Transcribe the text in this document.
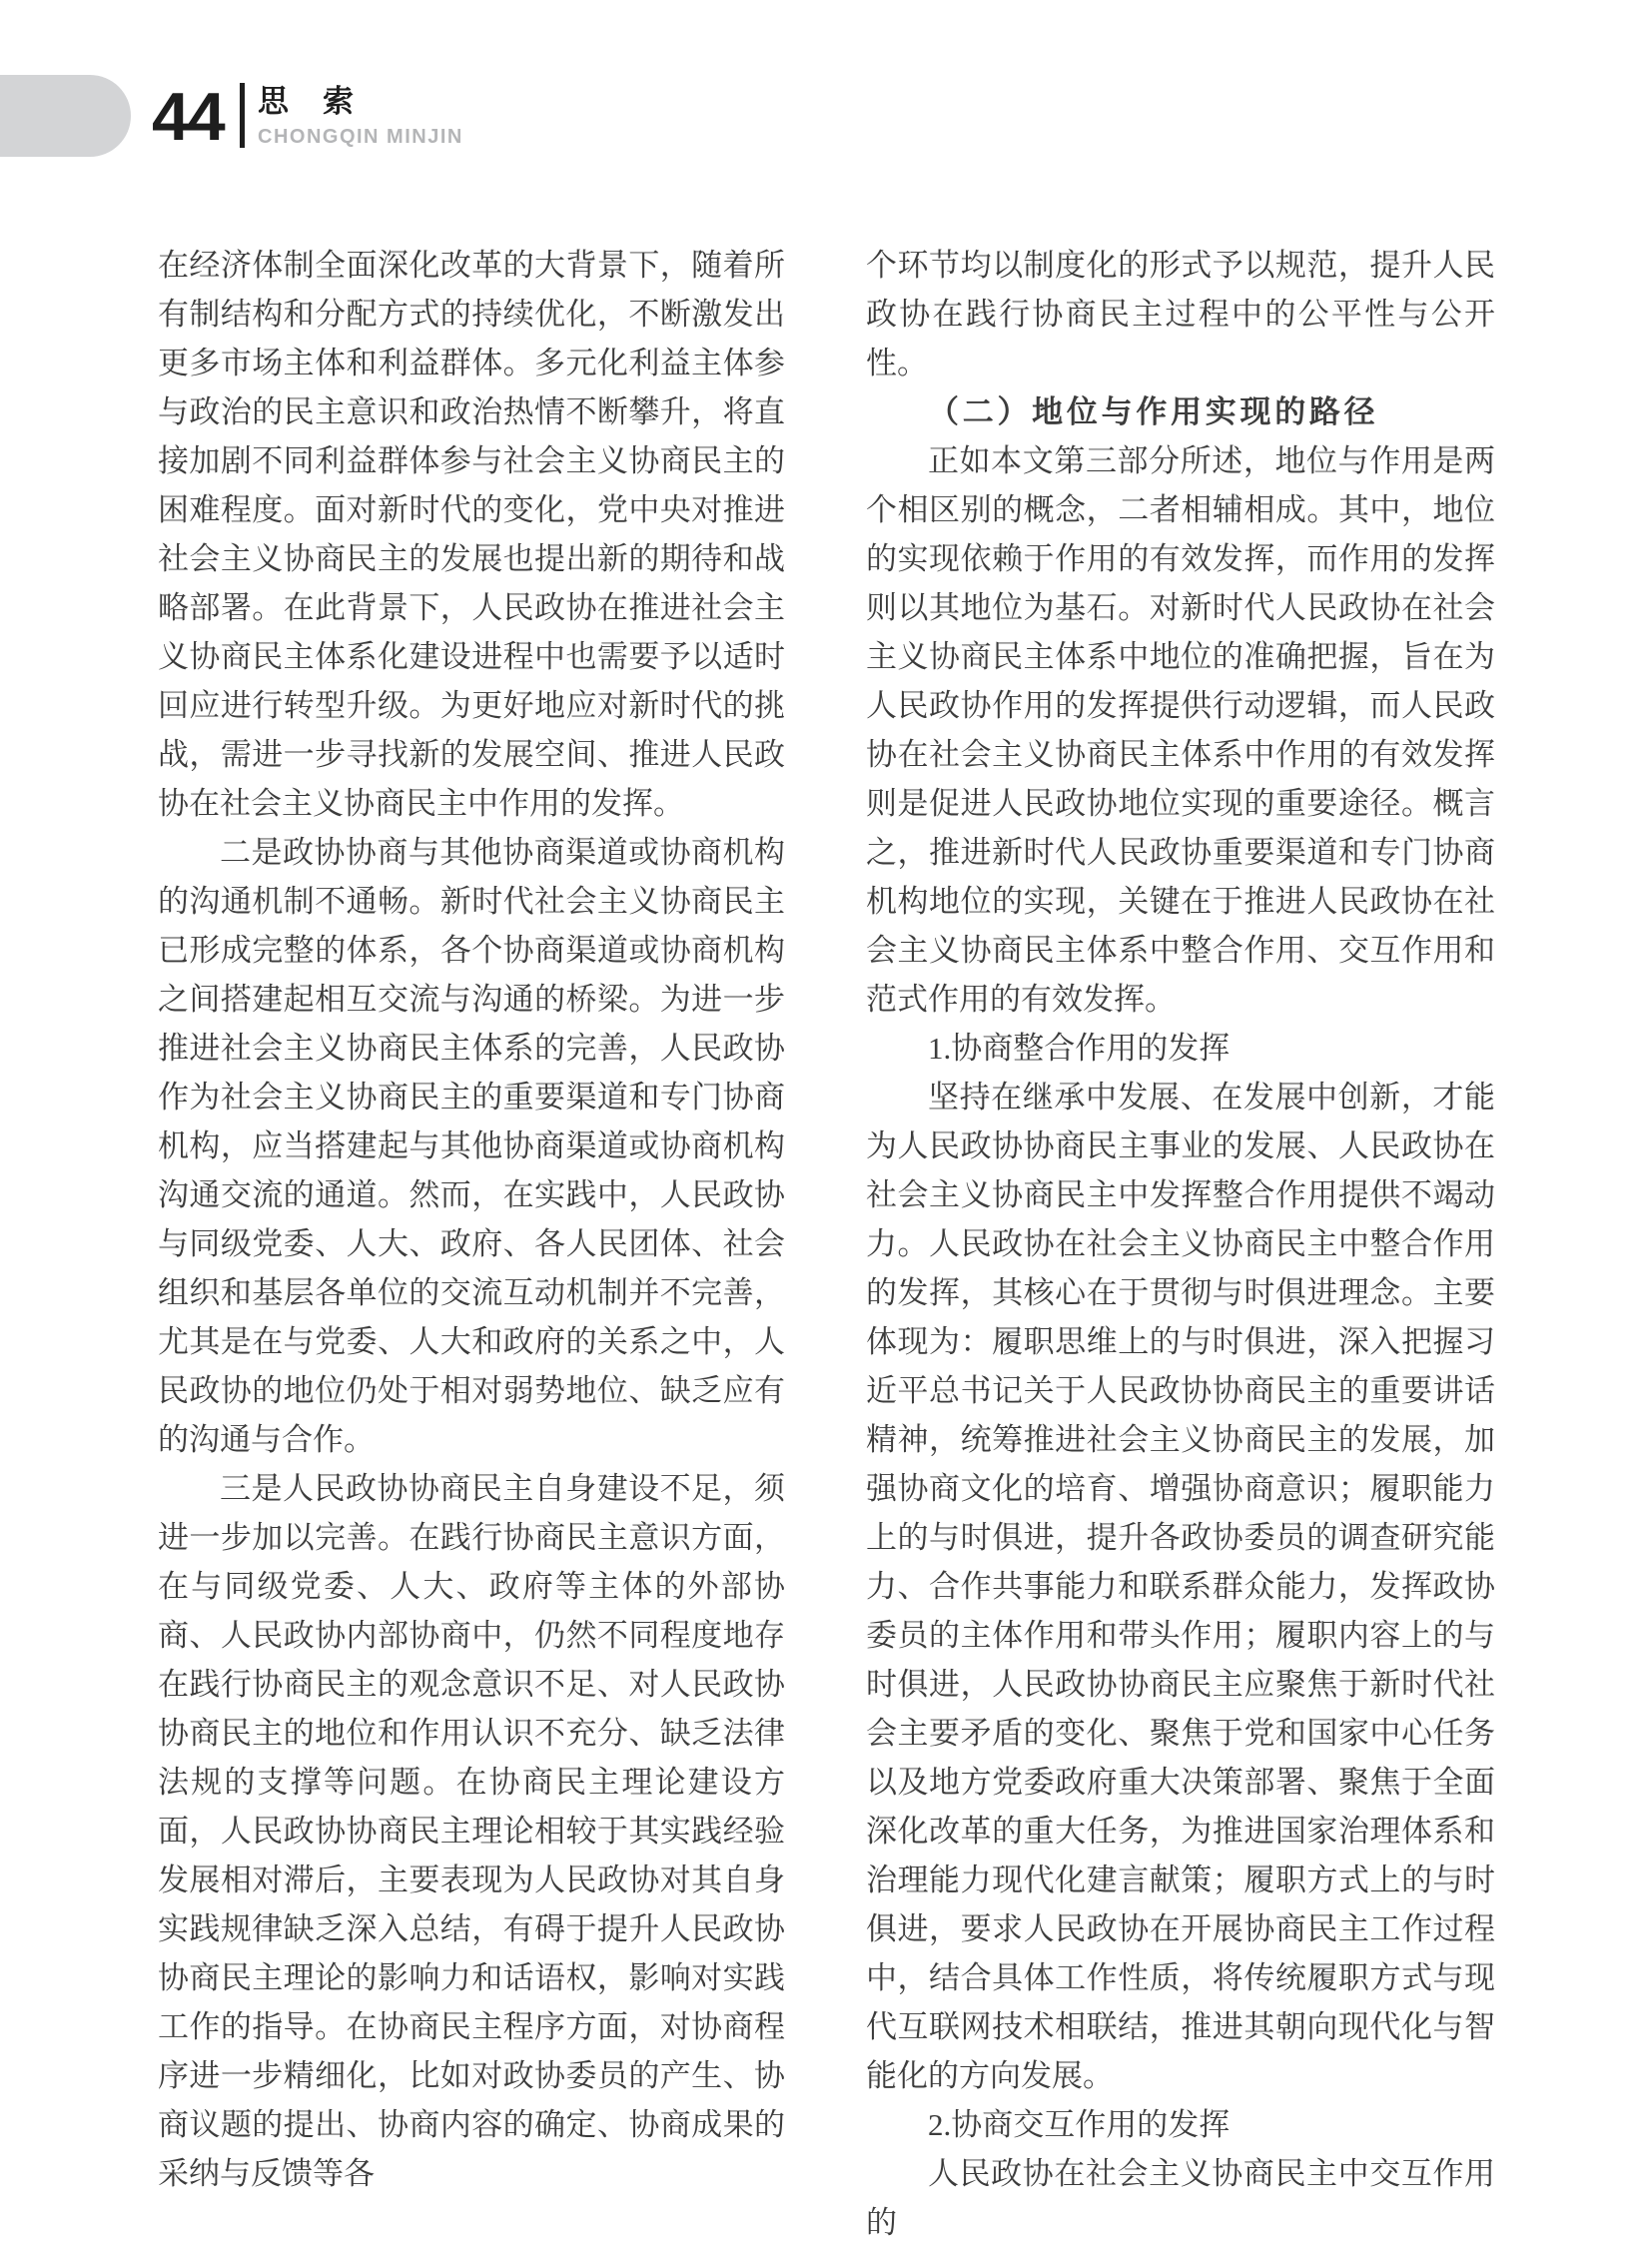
44 思 索
CHONGQIN MINJIN

在经济体制全面深化改革的大背景下，随着所有制结构和分配方式的持续优化，不断激发出更多市场主体和利益群体。多元化利益主体参与政治的民主意识和政治热情不断攀升，将直接加剧不同利益群体参与社会主义协商民主的困难程度。面对新时代的变化，党中央对推进社会主义协商民主的发展也提出新的期待和战略部署。在此背景下，人民政协在推进社会主义协商民主体系化建设进程中也需要予以适时回应进行转型升级。为更好地应对新时代的挑战，需进一步寻找新的发展空间、推进人民政协在社会主义协商民主中作用的发挥。

二是政协协商与其他协商渠道或协商机构的沟通机制不通畅。新时代社会主义协商民主已形成完整的体系，各个协商渠道或协商机构之间搭建起相互交流与沟通的桥梁。为进一步推进社会主义协商民主体系的完善，人民政协作为社会主义协商民主的重要渠道和专门协商机构，应当搭建起与其他协商渠道或协商机构沟通交流的通道。然而，在实践中，人民政协与同级党委、人大、政府、各人民团体、社会组织和基层各单位的交流互动机制并不完善，尤其是在与党委、人大和政府的关系之中，人民政协的地位仍处于相对弱势地位、缺乏应有的沟通与合作。

三是人民政协协商民主自身建设不足，须进一步加以完善。在践行协商民主意识方面，在与同级党委、人大、政府等主体的外部协商、人民政协内部协商中，仍然不同程度地存在践行协商民主的观念意识不足、对人民政协协商民主的地位和作用认识不充分、缺乏法律法规的支撑等问题。在协商民主理论建设方面，人民政协协商民主理论相较于其实践经验发展相对滞后，主要表现为人民政协对其自身实践规律缺乏深入总结，有碍于提升人民政协协商民主理论的影响力和话语权，影响对实践工作的指导。在协商民主程序方面，对协商程序进一步精细化，比如对政协委员的产生、协商议题的提出、协商内容的确定、协商成果的采纳与反馈等各

个环节均以制度化的形式予以规范，提升人民政协在践行协商民主过程中的公平性与公开性。

（二）地位与作用实现的路径

正如本文第三部分所述，地位与作用是两个相区别的概念，二者相辅相成。其中，地位的实现依赖于作用的有效发挥，而作用的发挥则以其地位为基石。对新时代人民政协在社会主义协商民主体系中地位的准确把握，旨在为人民政协作用的发挥提供行动逻辑，而人民政协在社会主义协商民主体系中作用的有效发挥则是促进人民政协地位实现的重要途径。概言之，推进新时代人民政协重要渠道和专门协商机构地位的实现，关键在于推进人民政协在社会主义协商民主体系中整合作用、交互作用和范式作用的有效发挥。

1.协商整合作用的发挥

坚持在继承中发展、在发展中创新，才能为人民政协协商民主事业的发展、人民政协在社会主义协商民主中发挥整合作用提供不竭动力。人民政协在社会主义协商民主中整合作用的发挥，其核心在于贯彻与时俱进理念。主要体现为：履职思维上的与时俱进，深入把握习近平总书记关于人民政协协商民主的重要讲话精神，统筹推进社会主义协商民主的发展，加强协商文化的培育、增强协商意识；履职能力上的与时俱进，提升各政协委员的调查研究能力、合作共事能力和联系群众能力，发挥政协委员的主体作用和带头作用；履职内容上的与时俱进，人民政协协商民主应聚焦于新时代社会主要矛盾的变化、聚焦于党和国家中心任务以及地方党委政府重大决策部署、聚焦于全面深化改革的重大任务，为推进国家治理体系和治理能力现代化建言献策；履职方式上的与时俱进，要求人民政协在开展协商民主工作过程中，结合具体工作性质，将传统履职方式与现代互联网技术相联结，推进其朝向现代化与智能化的方向发展。

2.协商交互作用的发挥

人民政协在社会主义协商民主中交互作用的
